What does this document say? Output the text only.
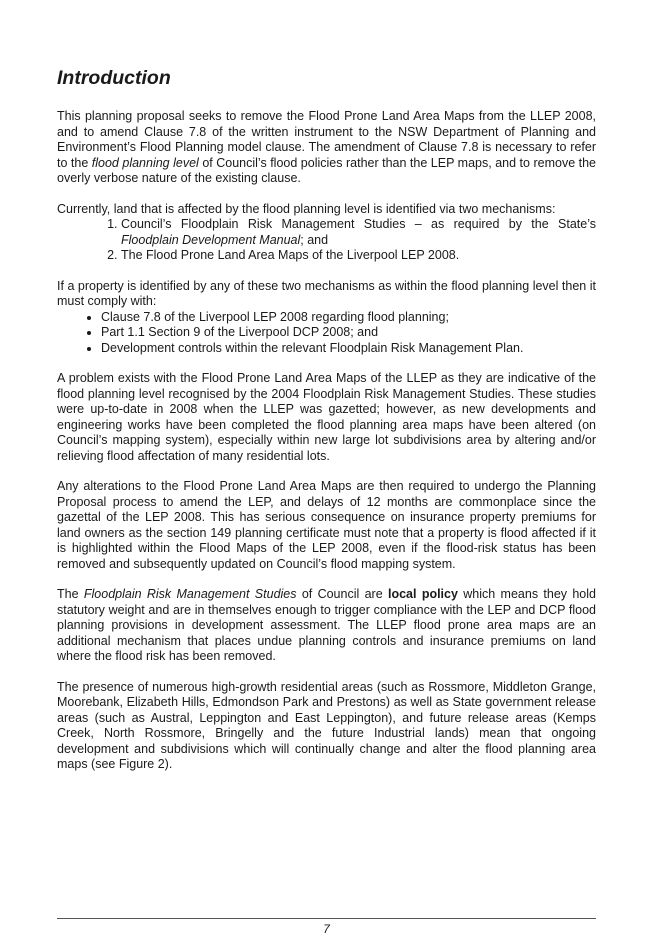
Introduction

This planning proposal seeks to remove the Flood Prone Land Area Maps from the LLEP 2008, and to amend Clause 7.8 of the written instrument to the NSW Department of Planning and Environment’s Flood Planning model clause. The amendment of Clause 7.8 is necessary to refer to the flood planning level of Council’s flood policies rather than the LEP maps, and to remove the overly verbose nature of the existing clause.

Currently, land that is affected by the flood planning level is identified via two mechanisms:

1. Council’s Floodplain Risk Management Studies – as required by the State’s Floodplain Development Manual; and
2. The Flood Prone Land Area Maps of the Liverpool LEP 2008.

If a property is identified by any of these two mechanisms as within the flood planning level then it must comply with:

• Clause 7.8 of the Liverpool LEP 2008 regarding flood planning;
• Part 1.1 Section 9 of the Liverpool DCP 2008; and
• Development controls within the relevant Floodplain Risk Management Plan.

A problem exists with the Flood Prone Land Area Maps of the LLEP as they are indicative of the flood planning level recognised by the 2004 Floodplain Risk Management Studies. These studies were up-to-date in 2008 when the LLEP was gazetted; however, as new developments and engineering works have been completed the flood planning area maps have been altered (on Council’s mapping system), especially within new large lot subdivisions area by altering and/or relieving flood affectation of many residential lots.

Any alterations to the Flood Prone Land Area Maps are then required to undergo the Planning Proposal process to amend the LEP, and delays of 12 months are commonplace since the gazettal of the LEP 2008. This has serious consequence on insurance property premiums for land owners as the section 149 planning certificate must note that a property is flood affected if it is highlighted within the Flood Maps of the LEP 2008, even if the flood-risk status has been removed and subsequently updated on Council’s flood mapping system.

The Floodplain Risk Management Studies of Council are local policy which means they hold statutory weight and are in themselves enough to trigger compliance with the LEP and DCP flood planning provisions in development assessment. The LLEP flood prone area maps are an additional mechanism that places undue planning controls and insurance premiums on land where the flood risk has been removed.

The presence of numerous high-growth residential areas (such as Rossmore, Middleton Grange, Moorebank, Elizabeth Hills, Edmondson Park and Prestons) as well as State government release areas (such as Austral, Leppington and East Leppington), and future release areas (Kemps Creek, North Rossmore, Bringelly and the future Industrial lands) mean that ongoing development and subdivisions which will continually change and alter the flood planning area maps (see Figure 2).

7
